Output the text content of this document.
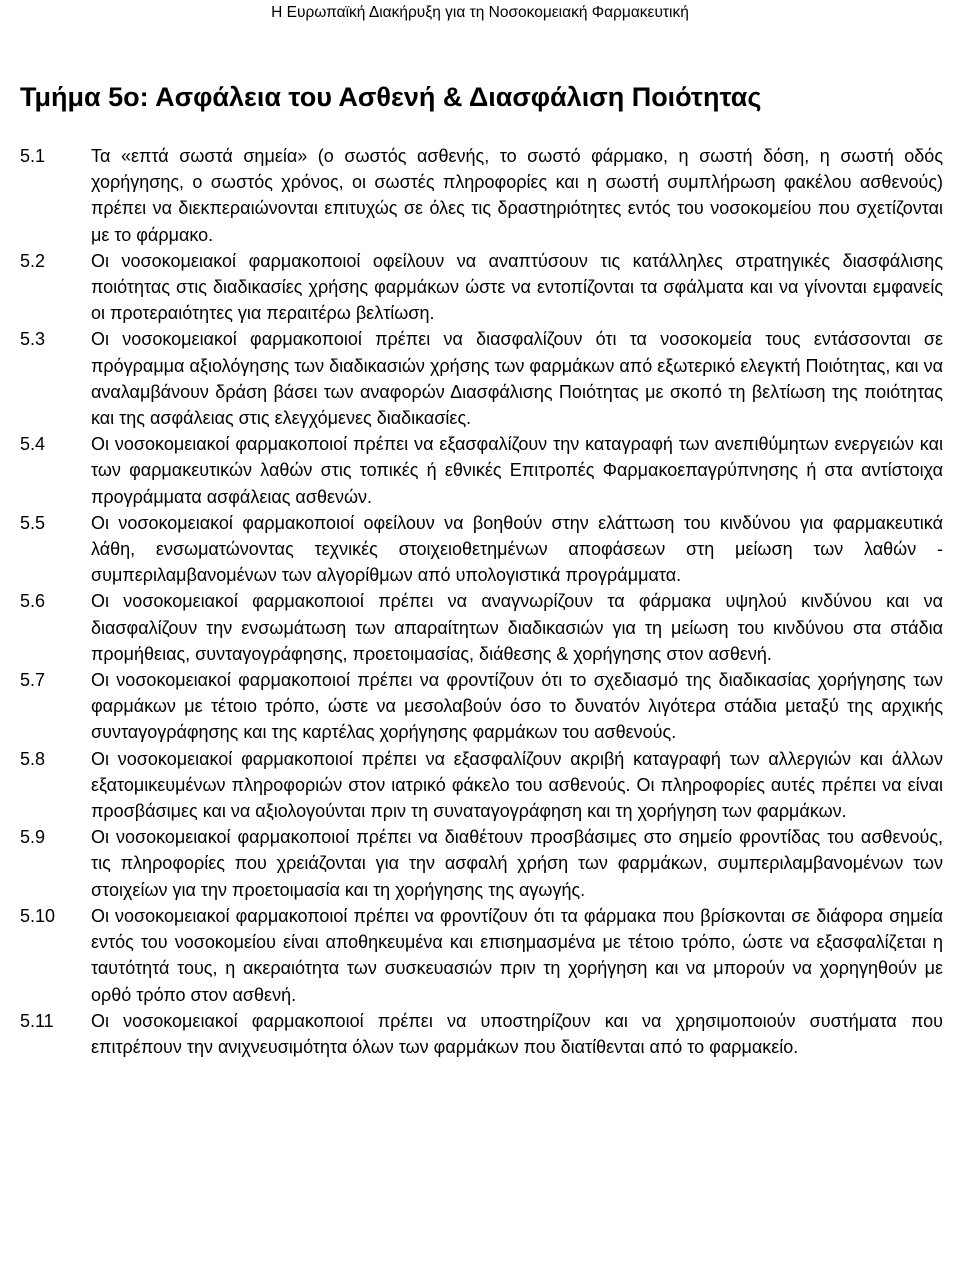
Η Ευρωπαϊκή Διακήρυξη για τη Νοσοκομειακή Φαρμακευτική
Τμήμα 5ο: Ασφάλεια του Ασθενή & Διασφάλιση Ποιότητας
5.1	Τα «επτά σωστά σημεία» (ο σωστός ασθενής, το σωστό φάρμακο, η σωστή δόση, η σωστή οδός χορήγησης, ο σωστός χρόνος, οι σωστές πληροφορίες και η σωστή συμπλήρωση φακέλου ασθενούς) πρέπει να διεκπεραιώνονται επιτυχώς σε όλες τις δραστηριότητες εντός του νοσοκομείου που σχετίζονται με το φάρμακο.
5.2	Οι νοσοκομειακοί φαρμακοποιοί οφείλουν να αναπτύσουν τις κατάλληλες στρατηγικές διασφάλισης ποιότητας στις διαδικασίες χρήσης φαρμάκων ώστε να εντοπίζονται τα σφάλματα και να γίνονται εμφανείς οι προτεραιότητες για περαιτέρω βελτίωση.
5.3	Οι νοσοκομειακοί φαρμακοποιοί πρέπει να διασφαλίζουν ότι τα νοσοκομεία τους εντάσσονται σε πρόγραμμα αξιολόγησης των διαδικασιών χρήσης των φαρμάκων από εξωτερικό ελεγκτή Ποιότητας, και να αναλαμβάνουν δράση βάσει των αναφορών Διασφάλισης Ποιότητας με σκοπό τη βελτίωση της ποιότητας και της ασφάλειας στις ελεγχόμενες διαδικασίες.
5.4	Οι νοσοκομειακοί φαρμακοποιοί πρέπει να εξασφαλίζουν την καταγραφή των ανεπιθύμητων ενεργειών και των φαρμακευτικών λαθών στις τοπικές ή εθνικές Επιτροπές Φαρμακοεπαγρύπνησης ή στα αντίστοιχα προγράμματα ασφάλειας ασθενών.
5.5	Οι νοσοκομειακοί φαρμακοποιοί οφείλουν να βοηθούν στην ελάττωση του κινδύνου για φαρμακευτικά λάθη, ενσωματώνοντας τεχνικές στοιχειοθετημένων αποφάσεων στη μείωση των λαθών - συμπεριλαμβανομένων των αλγορίθμων από υπολογιστικά προγράμματα.
5.6	Οι νοσοκομειακοί φαρμακοποιοί πρέπει να αναγνωρίζουν τα φάρμακα υψηλού κινδύνου και να διασφαλίζουν την ενσωμάτωση των απαραίτητων διαδικασιών για τη μείωση του κινδύνου στα στάδια προμήθειας, συνταγογράφησης, προετοιμασίας, διάθεσης & χορήγησης στον ασθενή.
5.7	Οι νοσοκομειακοί φαρμακοποιοί πρέπει να φροντίζουν ότι το σχεδιασμό της διαδικασίας χορήγησης των φαρμάκων με τέτοιο τρόπο, ώστε να μεσολαβούν όσο το δυνατόν λιγότερα στάδια μεταξύ της αρχικής συνταγογράφησης και της καρτέλας χορήγησης φαρμάκων του ασθενούς.
5.8	Οι νοσοκομειακοί φαρμακοποιοί πρέπει να εξασφαλίζουν ακριβή καταγραφή των αλλεργιών και άλλων εξατομικευμένων πληροφοριών στον ιατρικό φάκελο του ασθενούς. Οι πληροφορίες αυτές πρέπει να είναι προσβάσιμες και να αξιολογούνται πριν τη συναταγογράφηση και τη χορήγηση των φαρμάκων.
5.9	Οι νοσοκομειακοί φαρμακοποιοί πρέπει να διαθέτουν προσβάσιμες στο σημείο φροντίδας του ασθενούς, τις πληροφορίες που χρειάζονται για την ασφαλή χρήση των φαρμάκων, συμπεριλαμβανομένων των στοιχείων για την προετοιμασία και τη χορήγησης της αγωγής.
5.10	Οι νοσοκομειακοί φαρμακοποιοί πρέπει να φροντίζουν ότι τα φάρμακα που βρίσκονται σε διάφορα σημεία εντός του νοσοκομείου είναι αποθηκευμένα και επισημασμένα με τέτοιο τρόπο, ώστε να εξασφαλίζεται η ταυτότητά τους, η ακεραιότητα των συσκευασιών πριν τη χορήγηση και να μπορούν να χορηγηθούν με ορθό τρόπο στον ασθενή.
5.11	Οι νοσοκομειακοί φαρμακοποιοί πρέπει να υποστηρίζουν και να χρησιμοποιούν συστήματα που επιτρέπουν την ανιχνευσιμότητα όλων των φαρμάκων που διατίθενται από το φαρμακείο.
